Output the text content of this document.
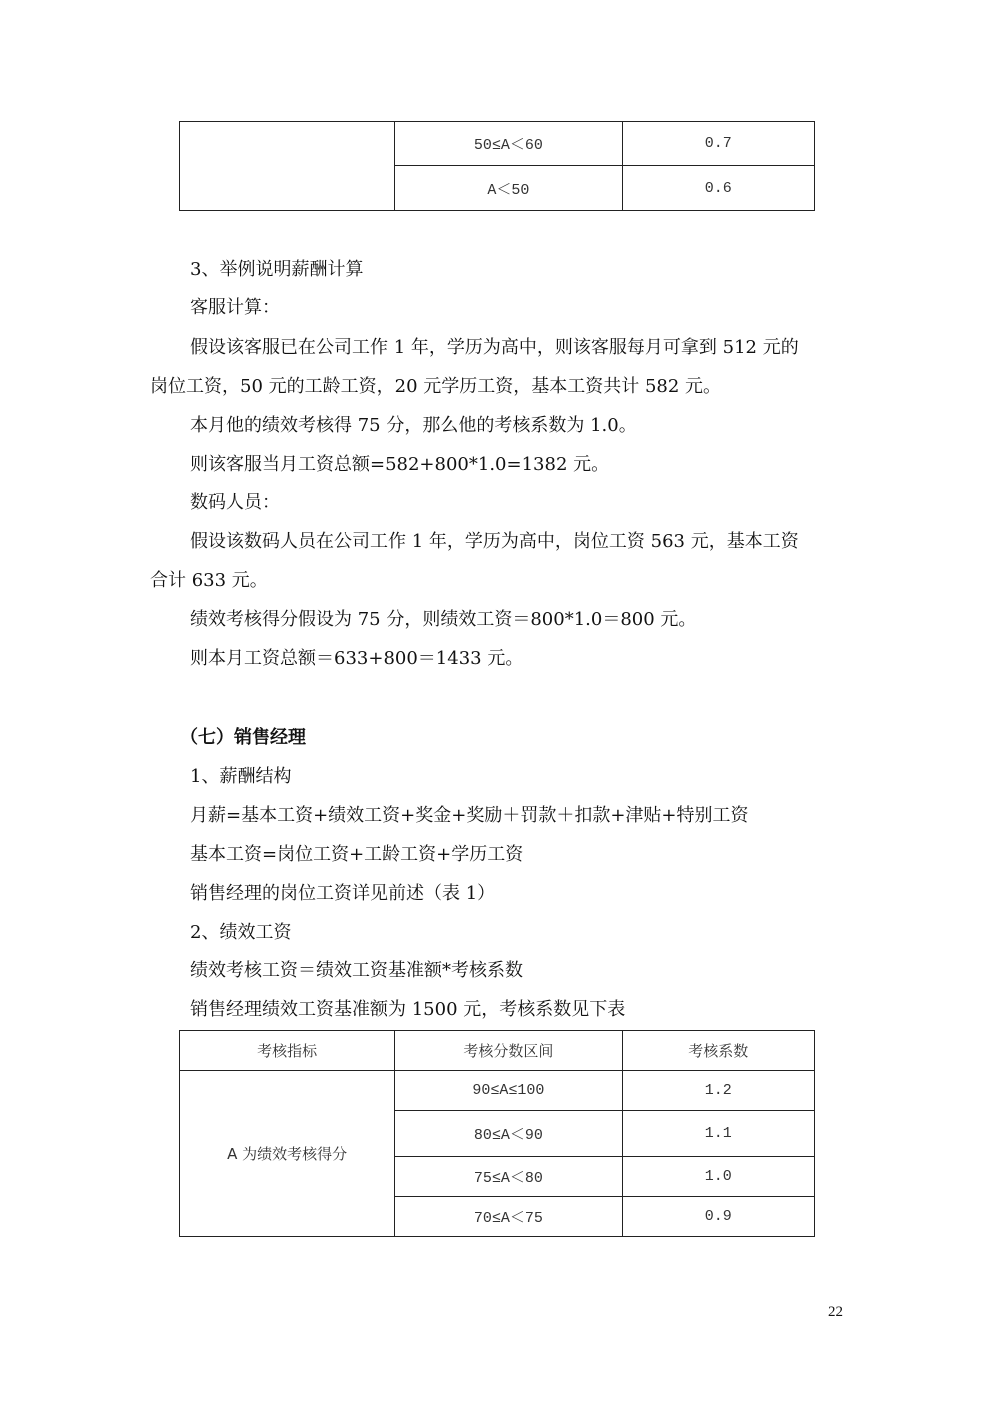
	50≤A＜60	0.7
	A＜50	0.6
3、举例说明薪酬计算
客服计算：
假设该客服已在公司工作 1 年，学历为高中，则该客服每月可拿到 512 元的
岗位工资，50 元的工龄工资，20 元学历工资，基本工资共计 582 元。
本月他的绩效考核得 75 分，那么他的考核系数为 1.0。
则该客服当月工资总额=582+800*1.0=1382 元。
数码人员：
假设该数码人员在公司工作 1 年，学历为高中，岗位工资 563 元，基本工资
合计 633 元。
绩效考核得分假设为 75 分，则绩效工资＝800*1.0＝800 元。
则本月工资总额＝633+800＝1433 元。
（七）销售经理
1、薪酬结构
月薪=基本工资+绩效工资+奖金+奖励＋罚款＋扣款+津贴+特别工资
基本工资=岗位工资+工龄工资+学历工资
销售经理的岗位工资详见前述（表 1）
2、绩效工资
绩效考核工资＝绩效工资基准额*考核系数
销售经理绩效工资基准额为 1500 元，考核系数见下表
考核指标	考核分数区间	考核系数
A 为绩效考核得分	90≤A≤100	1.2
	80≤A＜90	1.1
	75≤A＜80	1.0
	70≤A＜75	0.9
22
